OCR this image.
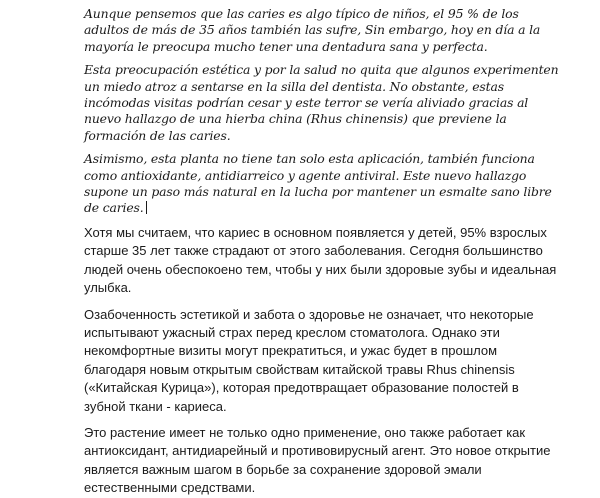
Aunque pensemos que las caries es algo típico de niños, el 95 % de los adultos de más de 35 años también las sufre, Sin embargo, hoy en día a la mayoría le preocupa mucho tener una dentadura sana y perfecta.

Esta preocupación estética y por la salud no quita que algunos experimenten un miedo atroz a sentarse en la silla del dentista. No obstante, estas incómodas visitas podrían cesar y este terror se vería aliviado gracias al nuevo hallazgo de una hierba china (Rhus chinensis) que previene la formación de las caries.

Asimismo, esta planta no tiene tan solo esta aplicación, también funciona como antioxidante, antidiarreico y agente antiviral. Este nuevo hallazgo supone un paso más natural en la lucha por mantener un esmalte sano libre de caries.

Хотя мы считаем, что кариес в основном появляется у детей, 95% взрослых старше 35 лет также страдают от этого заболевания. Сегодня большинство людей очень обеспокоено тем, чтобы у них были здоровые зубы и идеальная улыбка.

Озабоченность эстетикой и забота о здоровье не означает, что некоторые испытывают ужасный страх перед креслом стоматолога. Однако эти некомфортные визиты могут прекратиться, и ужас будет в прошлом благодаря новым открытым свойствам китайской травы Rhus chinensis («Китайская Курица»), которая предотвращает образование полостей в зубной ткани - кариеса.

Это растение имеет не только одно применение, оно также работает как антиоксидант, антидиарейный и противовирусный агент. Это новое открытие является важным шагом в борьбе за сохранение здоровой эмали естественными средствами.
